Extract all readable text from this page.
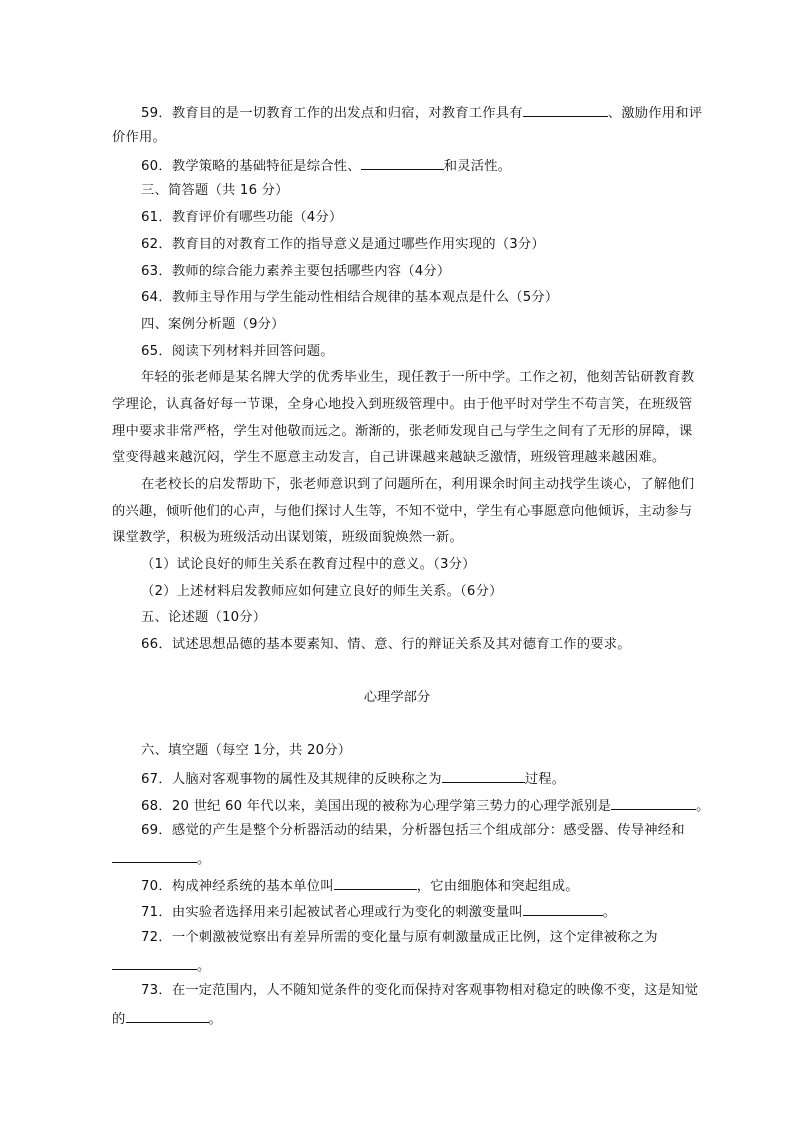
59．教育目的是一切教育工作的出发点和归宿，对教育工作具有	、激励作用和评
价作用。
60．教学策略的基础特征是综合性、	和灵活性。
三、简答题（共 16 分）
61．教育评价有哪些功能（4分）
62．教育目的对教育工作的指导意义是通过哪些作用实现的（3分）
63．教师的综合能力素养主要包括哪些内容（4分）
64．教师主导作用与学生能动性相结合规律的基本观点是什么（5分）
四、案例分析题（9分）
65．阅读下列材料并回答问题。
年轻的张老师是某名牌大学的优秀毕业生，现任教于一所中学。工作之初，他刻苦钻研教育教
学理论，认真备好每一节课，全身心地投入到班级管理中。由于他平时对学生不苟言笑，在班级管
理中要求非常严格，学生对他敬而远之。渐渐的，张老师发现自己与学生之间有了无形的屏障，课
堂变得越来越沉闷，学生不愿意主动发言，自己讲课越来越缺乏激情，班级管理越来越困难。
在老校长的启发帮助下，张老师意识到了问题所在，利用课余时间主动找学生谈心，了解他们
的兴趣，倾听他们的心声，与他们探讨人生等，不知不觉中，学生有心事愿意向他倾诉，主动参与
课堂教学，积极为班级活动出谋划策，班级面貌焕然一新。
（1）试论良好的师生关系在教育过程中的意义。（3分）
（2）上述材料启发教师应如何建立良好的师生关系。（6分）
五、论述题（10分）
66．试述思想品德的基本要素知、情、意、行的辩证关系及其对德育工作的要求。
心理学部分
六、填空题（每空 1分，共 20分）
67．人脑对客观事物的属性及其规律的反映称之为	过程。
68．20 世纪 60 年代以来，美国出现的被称为心理学第三势力的心理学派别是	。
69．感觉的产生是整个分析器活动的结果，分析器包括三个组成部分：感受器、传导神经和
。
70．构成神经系统的基本单位叫	，它由细胞体和突起组成。
71．由实验者选择用来引起被试者心理或行为变化的刺激变量叫	。
72．一个刺激被觉察出有差异所需的变化量与原有刺激量成正比例，这个定律被称之为
。
73．在一定范围内，人不随知觉条件的变化而保持对客观事物相对稳定的映像不变，这是知觉
的	。
